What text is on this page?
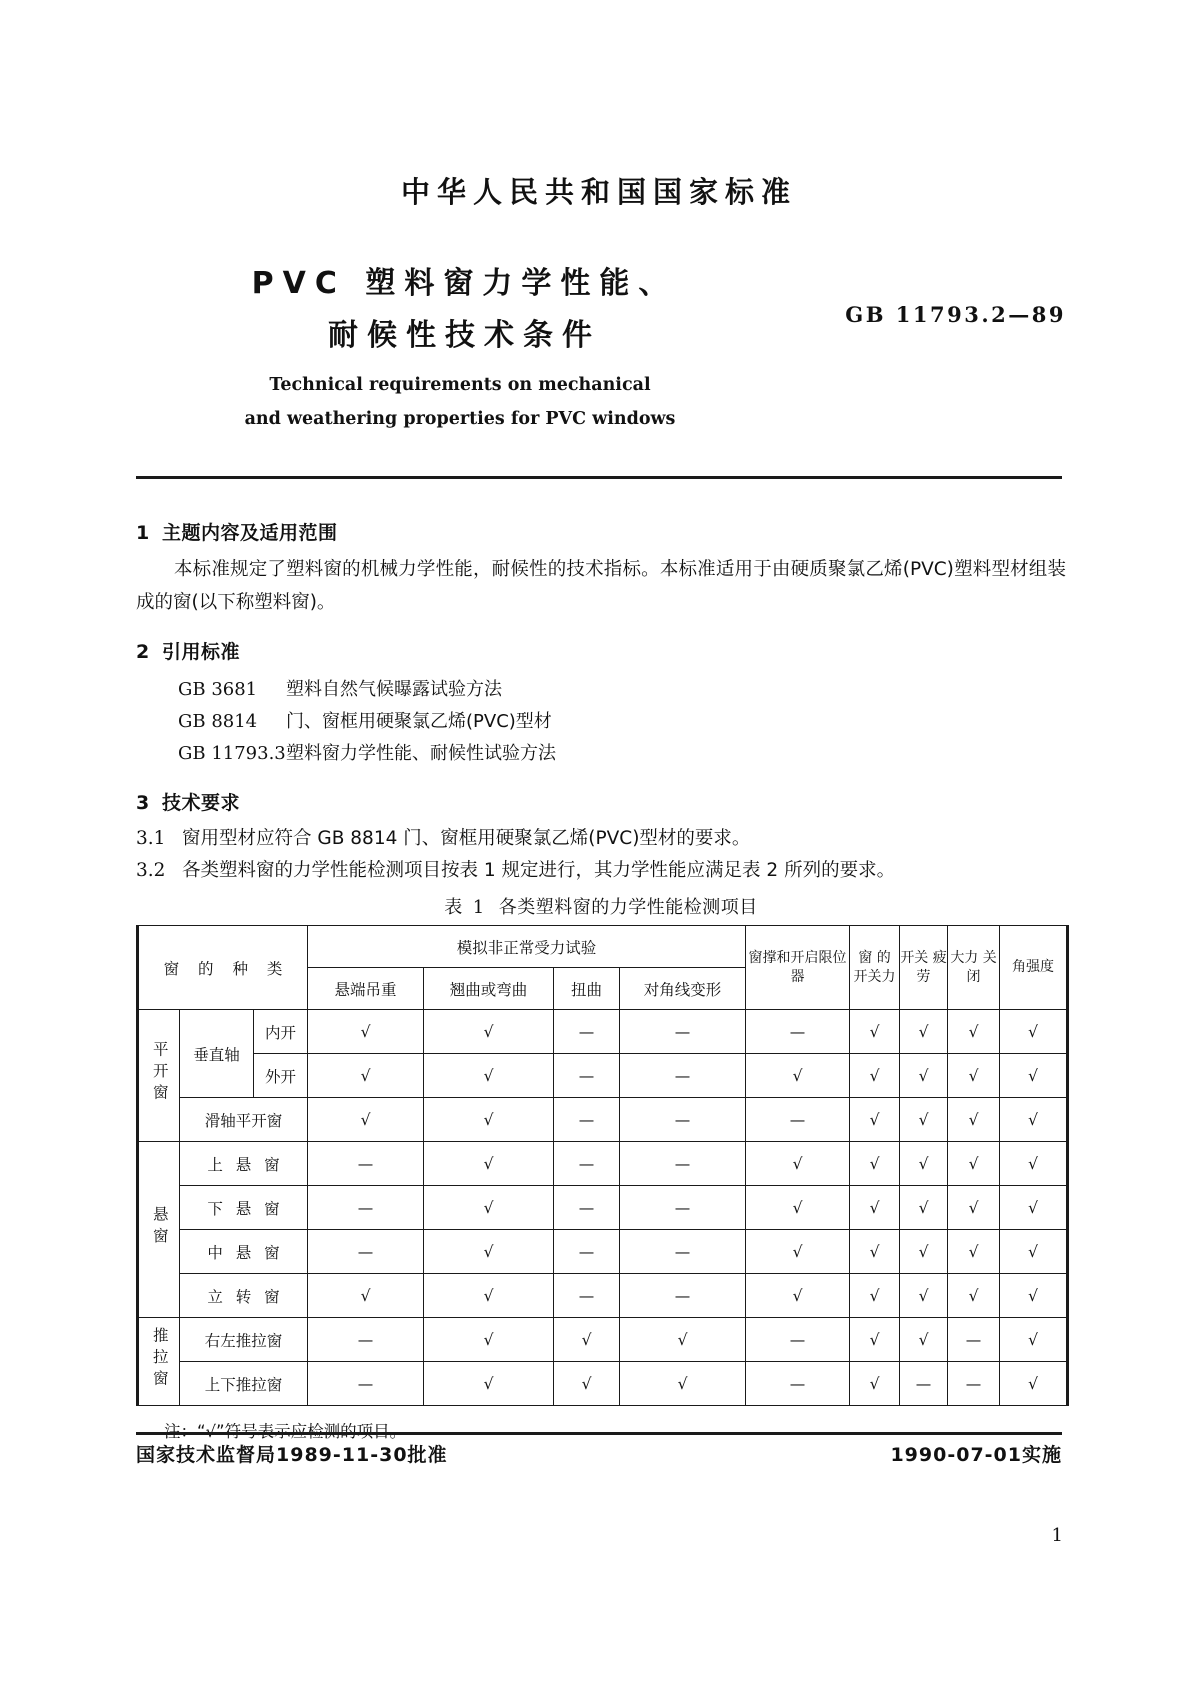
中华人民共和国国家标准
PVC 塑料窗力学性能、
耐候性技术条件
GB 11793.2—89
Technical requirements on mechanical
and weathering properties for PVC windows
1 主题内容及适用范围
本标准规定了塑料窗的机械力学性能，耐候性的技术指标。本标准适用于由硬质聚氯乙烯(PVC)塑料型材组装成的窗(以下称塑料窗)。
2 引用标准
GB 3681 塑料自然气候曝露试验方法
GB 8814 门、窗框用硬聚氯乙烯(PVC)型材
GB 11793.3塑料窗力学性能、耐候性试验方法
3 技术要求
3.1 窗用型材应符合 GB 8814 门、窗框用硬聚氯乙烯(PVC)型材的要求。
3.2 各类塑料窗的力学性能检测项目按表 1 规定进行，其力学性能应满足表 2 所列的要求。
表 1 各类塑料窗的力学性能检测项目
窗 的 种 类			模拟非正常受力试验				窗撑和开启限位器	窗 的 开关力	开关 疲劳	大力 关闭	角强度
			悬端吊重	翘曲或弯曲	扭曲	对角线变形					
平开窗	垂直轴	内开	√	√	—	—	—	√	√	√	√
		外开	√	√	—	—	√	√	√	√	√
	滑轴平开窗		√	√	—	—	—	√	√	√	√
悬窗	上 悬 窗		—	√	—	—	√	√	√	√	√
	下 悬 窗		—	√	—	—	√	√	√	√	√
	中 悬 窗		—	√	—	—	√	√	√	√	√
	立 转 窗		√	√	—	—	√	√	√	√	√
推拉窗	右左推拉窗		—	√	√	√	—	√	√	—	√
	上下推拉窗		—	√	√	√	—	√	—	—	√
注：“√”符号表示应检测的项目。
国家技术监督局1989-11-30批准	1990-07-01实施
1
